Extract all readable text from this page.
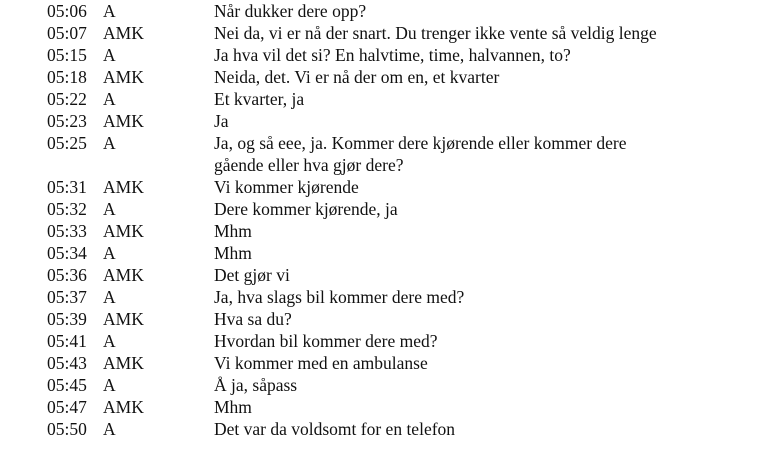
05:06 A	Når dukker dere opp?
05:07 AMK	Nei da, vi er nå der snart. Du trenger ikke vente så veldig lenge
05:15 A	Ja hva vil det si? En halvtime, time, halvannen, to?
05:18 AMK	Neida, det. Vi er nå der om en, et kvarter
05:22 A	Et kvarter, ja
05:23 AMK	Ja
05:25 A	Ja, og så eee, ja. Kommer dere kjørende eller kommer dere gående eller hva gjør dere?
05:31 AMK	Vi kommer kjørende
05:32 A	Dere kommer kjørende, ja
05:33 AMK	Mhm
05:34 A	Mhm
05:36 AMK	Det gjør vi
05:37 A	Ja, hva slags bil kommer dere med?
05:39 AMK	Hva sa du?
05:41 A	Hvordan bil kommer dere med?
05:43 AMK	Vi kommer med en ambulanse
05:45 A	Å ja, såpass
05:47 AMK	Mhm
05:50 A	Det var da voldsomt for en telefon
